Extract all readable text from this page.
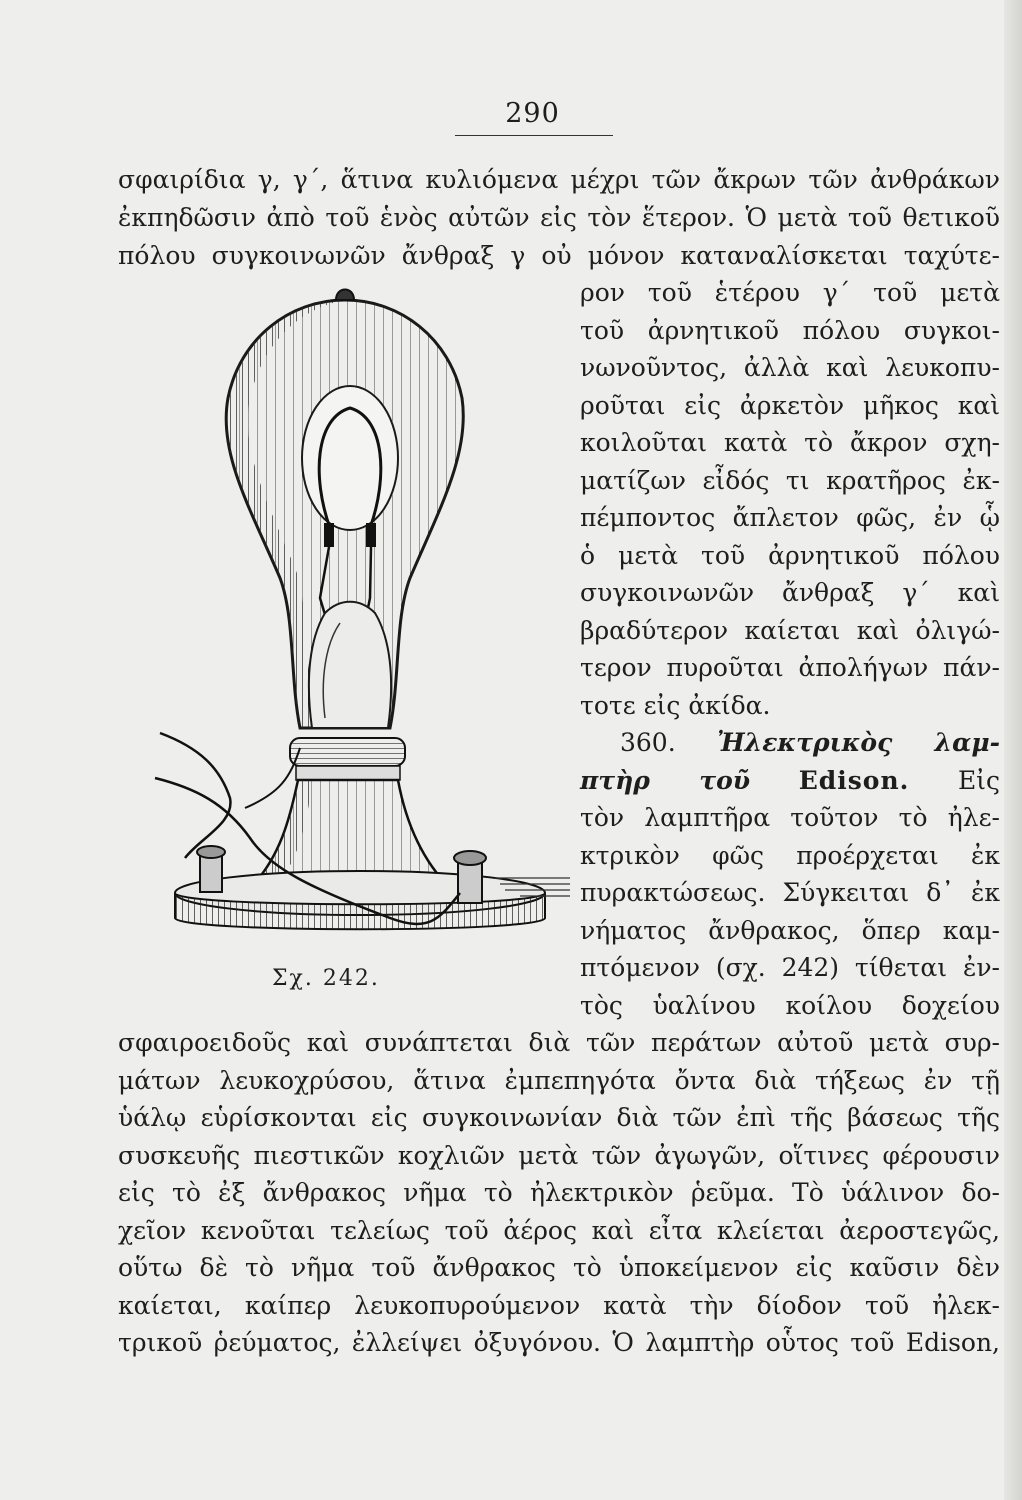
290
σφαιρίδια γ, γ΄, ἅτινα κυλιόμενα μέχρι τῶν ἄκρων τῶν ἀνθράκων
ἐκπηδῶσιν ἀπὸ τοῦ ἑνὸς αὐτῶν εἰς τὸν ἕτερον. Ὁ μετὰ τοῦ θετικοῦ
πόλου συγκοινωνῶν ἄνθραξ γ οὐ μόνον καταναλίσκεται ταχύτε-
ρον τοῦ ἑτέρου γ΄ τοῦ μετὰ
τοῦ ἀρνητικοῦ πόλου συγκοι-
νωνοῦντος, ἀλλὰ καὶ λευκοπυ-
ροῦται εἰς ἀρκετὸν μῆκος καὶ
κοιλοῦται κατὰ τὸ ἄκρον σχη-
ματίζων εἶδός τι κρατῆρος ἐκ-
πέμποντος ἄπλετον φῶς, ἐν ᾧ
ὁ μετὰ τοῦ ἀρνητικοῦ πόλου
συγκοινωνῶν ἄνθραξ γ΄ καὶ
βραδύτερον καίεται καὶ ὀλιγώ-
τερον πυροῦται ἀπολήγων πάν-
τοτε εἰς ἀκίδα.
360. Ἠλεκτρικὸς λαμ-
πτὴρ τοῦ Edison. Εἰς
τὸν λαμπτῆρα τοῦτον τὸ ἠλε-
κτρικὸν φῶς προέρχεται ἐκ
πυρακτώσεως. Σύγκειται δ᾽ ἐκ
νήματος ἄνθρακος, ὅπερ καμ-
πτόμενον (σχ. 242) τίθεται ἐν-
τὸς ὑαλίνου κοίλου δοχείου
σφαιροειδοῦς καὶ συνάπτεται διὰ τῶν περάτων αὐτοῦ μετὰ συρ-
μάτων λευκοχρύσου, ἅτινα ἐμπεπηγότα ὄντα διὰ τήξεως ἐν τῇ
ὑάλῳ εὑρίσκονται εἰς συγκοινωνίαν διὰ τῶν ἐπὶ τῆς βάσεως τῆς
συσκευῆς πιεστικῶν κοχλιῶν μετὰ τῶν ἀγωγῶν, οἵτινες φέρουσιν
εἰς τὸ ἐξ ἄνθρακος νῆμα τὸ ἠλεκτρικὸν ῥεῦμα. Τὸ ὑάλινον δο-
χεῖον κενοῦται τελείως τοῦ ἀέρος καὶ εἶτα κλείεται ἀεροστεγῶς,
οὕτω δὲ τὸ νῆμα τοῦ ἄνθρακος τὸ ὑποκείμενον εἰς καῦσιν δὲν
καίεται, καίπερ λευκοπυρούμενον κατὰ τὴν δίοδον τοῦ ἠλεκ-
τρικοῦ ῥεύματος, ἐλλείψει ὀξυγόνου. Ὁ λαμπτὴρ οὗτος τοῦ Edison,
Σχ. 242.
